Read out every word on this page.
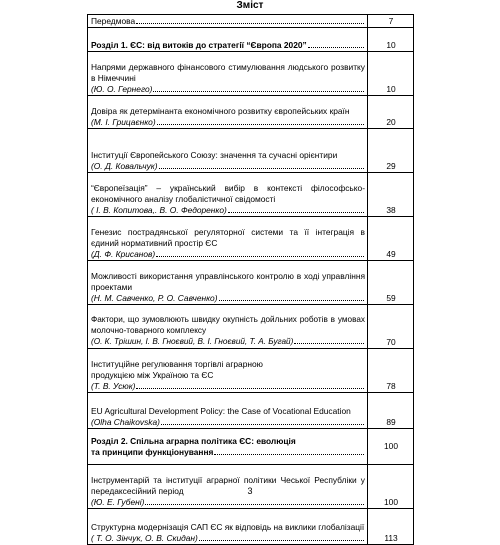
Зміст
Передмова	7

Розділ 1. ЄС: від витоків до стратегії “Європа 2020”	10

Напрями державного фінансового стимулювання людського розвитку в Німеччині
(Ю. О. Гернего)	10

Довіра як детермінанта економічного розвитку європейських країн
(М. І. Грицаєнко)	20

Інституції Європейського Союзу: значення та сучасні орієнтири
(О. Д. Ковальчук)	29

“Європеїзація” – український вибір в контексті філософсько-економічного аналізу глобалістичної свідомості
( І. В. Копитова,. В. О. Федоренко)	38

Генезис пострадянської регуляторної системи та її інтеграція в єдиний нормативний простір ЄС
(Д. Ф. Крисанов)	49

Можливості використання управлінського контролю в ході управління проектами
(Н. М. Савченко, Р. О. Савченко)	59

Фактори, що зумовлюють швидку окупність дойльних роботів в умовах молочно-товарного комплексу
(О. К. Трішин, І. В. Гноєвий, В. І. Гноєвий, Т. А. Бугай)	70

Інституційне регулювання торгівлі аграрною продукцією між Україною та ЄС
(Т. В. Усюк)	78

EU Agricultural Development Policy: the Case of Vocational Education
(Olha Chaikovska)	89

Розділ 2. Спільна аграрна політика ЄС: еволюція
та принципи функціонування	100

Інструментарій та інституції аграрної політики Чеської Республіки у передаксесійний період
(Ю. Е. Губені)	100

Структурна модернізація САП ЄС як відповідь на виклики глобалізації
( Т. О. Зінчук, О. В. Скидан)	113
3
